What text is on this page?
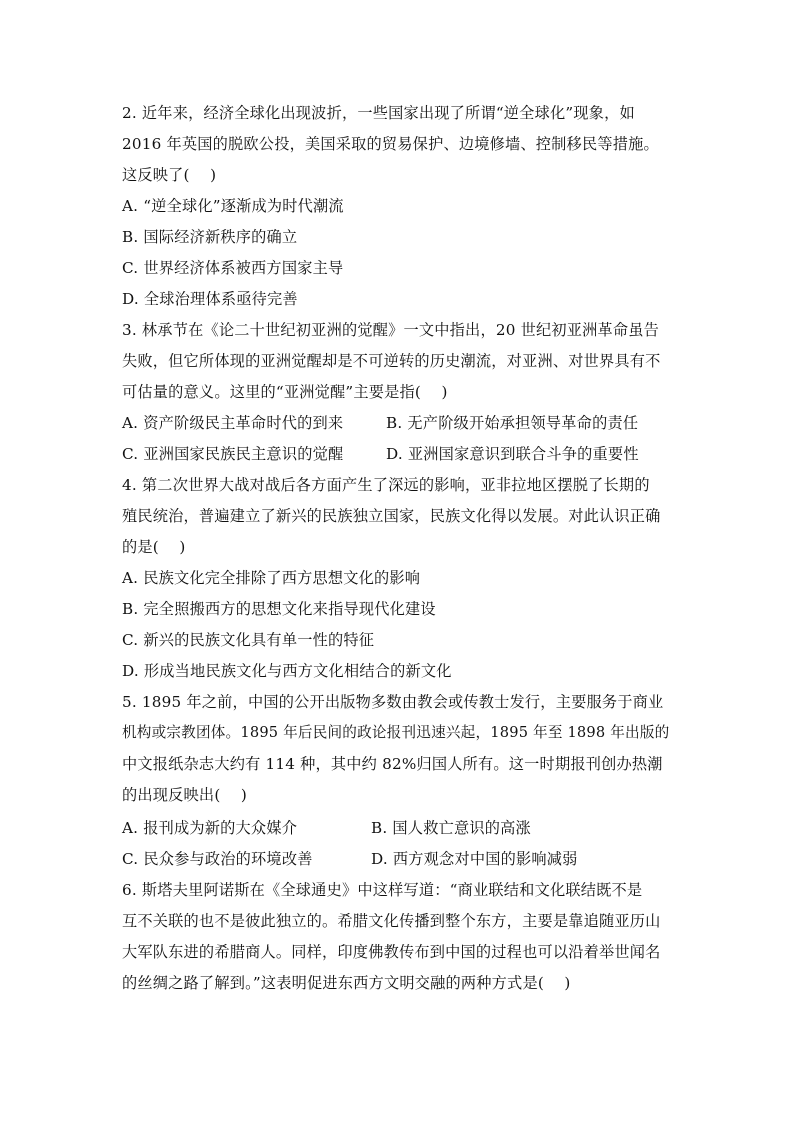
2. 近年来，经济全球化出现波折，一些国家出现了所谓“逆全球化”现象，如
2016 年英国的脱欧公投，美国采取的贸易保护、边境修墙、控制移民等措施。
这反映了(　 )
A. “逆全球化”逐渐成为时代潮流
B. 国际经济新秩序的确立
C. 世界经济体系被西方国家主导
D. 全球治理体系亟待完善
3. 林承节在《论二十世纪初亚洲的觉醒》一文中指出，20 世纪初亚洲革命虽告
失败，但它所体现的亚洲觉醒却是不可逆转的历史潮流，对亚洲、对世界具有不
可估量的意义。这里的“亚洲觉醒”主要是指(　 )
A. 资产阶级民主革命时代的到来	B. 无产阶级开始承担领导革命的责任
C. 亚洲国家民族民主意识的觉醒	D. 亚洲国家意识到联合斗争的重要性
4. 第二次世界大战对战后各方面产生了深远的影响，亚非拉地区摆脱了长期的
殖民统治，普遍建立了新兴的民族独立国家，民族文化得以发展。对此认识正确
的是(　 )
A. 民族文化完全排除了西方思想文化的影响
B. 完全照搬西方的思想文化来指导现代化建设
C. 新兴的民族文化具有单一性的特征
D. 形成当地民族文化与西方文化相结合的新文化
5. 1895 年之前，中国的公开出版物多数由教会或传教士发行，主要服务于商业
机构或宗教团体。1895 年后民间的政论报刊迅速兴起，1895 年至 1898 年出版的
中文报纸杂志大约有 114 种，其中约 82%归国人所有。这一时期报刊创办热潮
的出现反映出(　 )
A. 报刊成为新的大众媒介	B. 国人救亡意识的高涨
C. 民众参与政治的环境改善	D. 西方观念对中国的影响减弱
6. 斯塔夫里阿诺斯在《全球通史》中这样写道：“商业联结和文化联结既不是
互不关联的也不是彼此独立的。希腊文化传播到整个东方，主要是靠追随亚历山
大军队东进的希腊商人。同样，印度佛教传布到中国的过程也可以沿着举世闻名
的丝绸之路了解到。”这表明促进东西方文明交融的两种方式是(　 )
